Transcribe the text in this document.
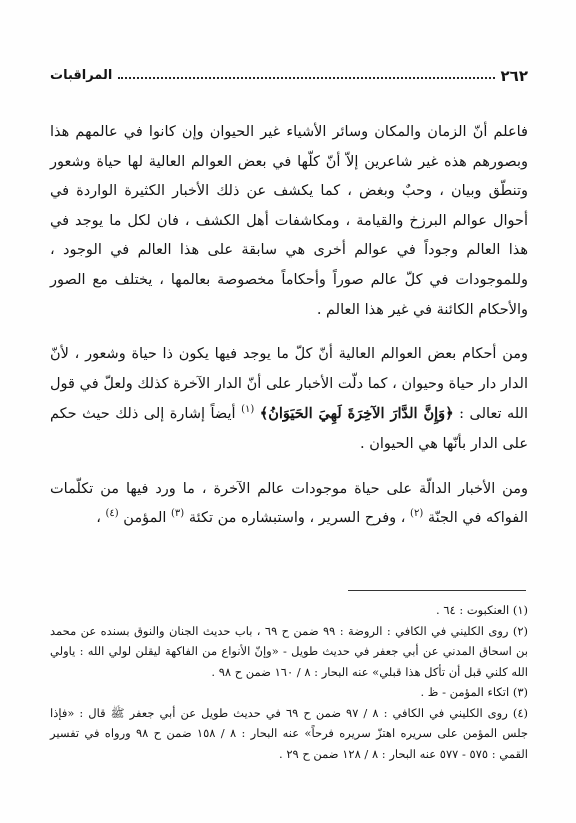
٢٦٢
المراقبات

فاعلم أنّ الزمان والمكان وسائر الأشياء غير الحيوان وإن كانوا في عالمهم هذا وبصورهم هذه غير شاعرين إلاّ أنّ كلّها في بعض العوالم العالية لها حياة وشعور وتنطّق وبيان ، وحبٌ وبغض ، كما يكشف عن ذلك الأخبار الكثيرة الواردة في أحوال عوالم البرزخ والقيامة ، ومكاشفات أهل الكشف ، فان لكل ما يوجد في هذا العالم وجوداً في عوالم أخرى هي سابقة على هذا العالم في الوجود ، وللموجودات في كلّ عالم صوراً وأحكاماً مخصوصة بعالمها ، يختلف مع الصور والأحكام الكائنة في غير هذا العالم .

ومن أحكام بعض العوالم العالية أنّ كلّ ما يوجد فيها يكون ذا حياة وشعور ، لأنّ الدار دار حياة وحيوان ، كما دلّت الأخبار على أنّ الدار الآخرة كذلك ولعلّ في قول الله تعالى : ﴿وَإِنَّ الدَّارَ الآخِرَةَ لَهِيَ الحَيَوَانُ﴾ $^{(١)}$ أيضاً إشارة إلى ذلك حيث حكم على الدار بأنّها هي الحيوان .

ومن الأخبار الدالّة على حياة موجودات عالم الآخرة ، ما ورد فيها من تكلّمات الفواكه في الجنّة $^{(٢)}$ ، وفرح السرير ، واستبشاره من تكئة $^{(٣)}$ المؤمن $^{(٤)}$ ،

(١) العنكبوت : ٦٤ .

(٢) روى الكليني في الكافي : الروضة : ٩٩ ضمن ح ٦٩ ، باب حديث الجنان والنوق بسنده عن محمد بن اسحاق المدني عن أبي جعفر في حديث طويل - «وإنّ الأنواع من الفاكهة ليقلن لولي الله : ياولي الله كلني قبل أن تأكل هذا قبلي» عنه البحار : ٨ / ١٦٠ ضمن ح ٩٨ .

(٣) اتكاء المؤمن - ظ .

(٤) روى الكليني في الكافي : ٨ / ٩٧ ضمن ح ٦٩ في حديث طويل عن أبي جعفر ﷺ قال : «فإذا جلس المؤمن على سريره اهتزّ سريره فرحاً» عنه البحار : ٨ / ١٥٨ ضمن ح ٩٨ ورواه في تفسير القمي : ٥٧٥ - ٥٧٧ عنه البحار : ٨ / ١٢٨ ضمن ح ٢٩ .
